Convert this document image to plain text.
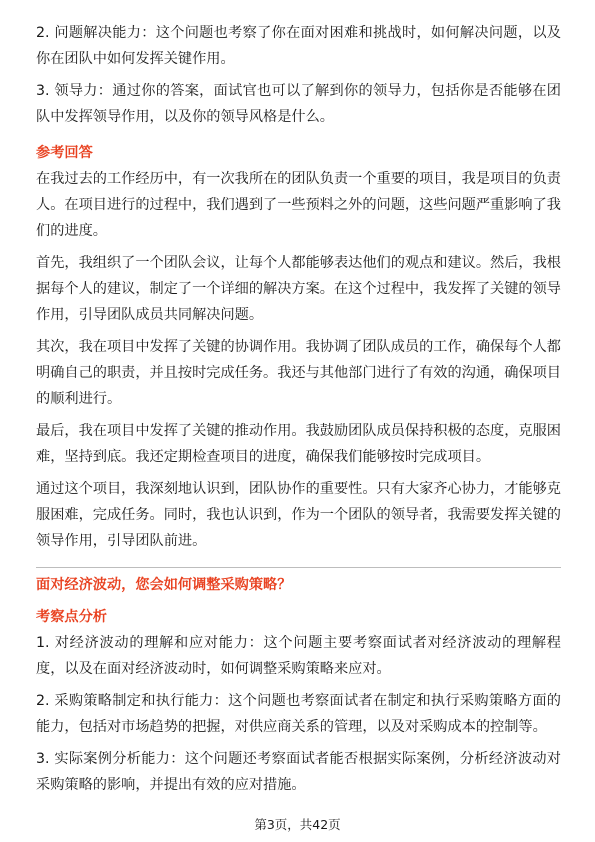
2. 问题解决能力：这个问题也考察了你在面对困难和挑战时，如何解决问题，以及你在团队中如何发挥关键作用。

3. 领导力：通过你的答案，面试官也可以了解到你的领导力，包括你是否能够在团队中发挥领导作用，以及你的领导风格是什么。

参考回答

在我过去的工作经历中，有一次我所在的团队负责一个重要的项目，我是项目的负责人。在项目进行的过程中，我们遇到了一些预料之外的问题，这些问题严重影响了我们的进度。

首先，我组织了一个团队会议，让每个人都能够表达他们的观点和建议。然后，我根据每个人的建议，制定了一个详细的解决方案。在这个过程中，我发挥了关键的领导作用，引导团队成员共同解决问题。

其次，我在项目中发挥了关键的协调作用。我协调了团队成员的工作，确保每个人都明确自己的职责，并且按时完成任务。我还与其他部门进行了有效的沟通，确保项目的顺利进行。

最后，我在项目中发挥了关键的推动作用。我鼓励团队成员保持积极的态度，克服困难，坚持到底。我还定期检查项目的进度，确保我们能够按时完成项目。

通过这个项目，我深刻地认识到，团队协作的重要性。只有大家齐心协力，才能够克服困难，完成任务。同时，我也认识到，作为一个团队的领导者，我需要发挥关键的领导作用，引导团队前进。

面对经济波动，您会如何调整采购策略？

考察点分析

1. 对经济波动的理解和应对能力：这个问题主要考察面试者对经济波动的理解程度，以及在面对经济波动时，如何调整采购策略来应对。

2. 采购策略制定和执行能力：这个问题也考察面试者在制定和执行采购策略方面的能力，包括对市场趋势的把握，对供应商关系的管理，以及对采购成本的控制等。

3. 实际案例分析能力：这个问题还考察面试者能否根据实际案例，分析经济波动对采购策略的影响，并提出有效的应对措施。

第3页，共42页
